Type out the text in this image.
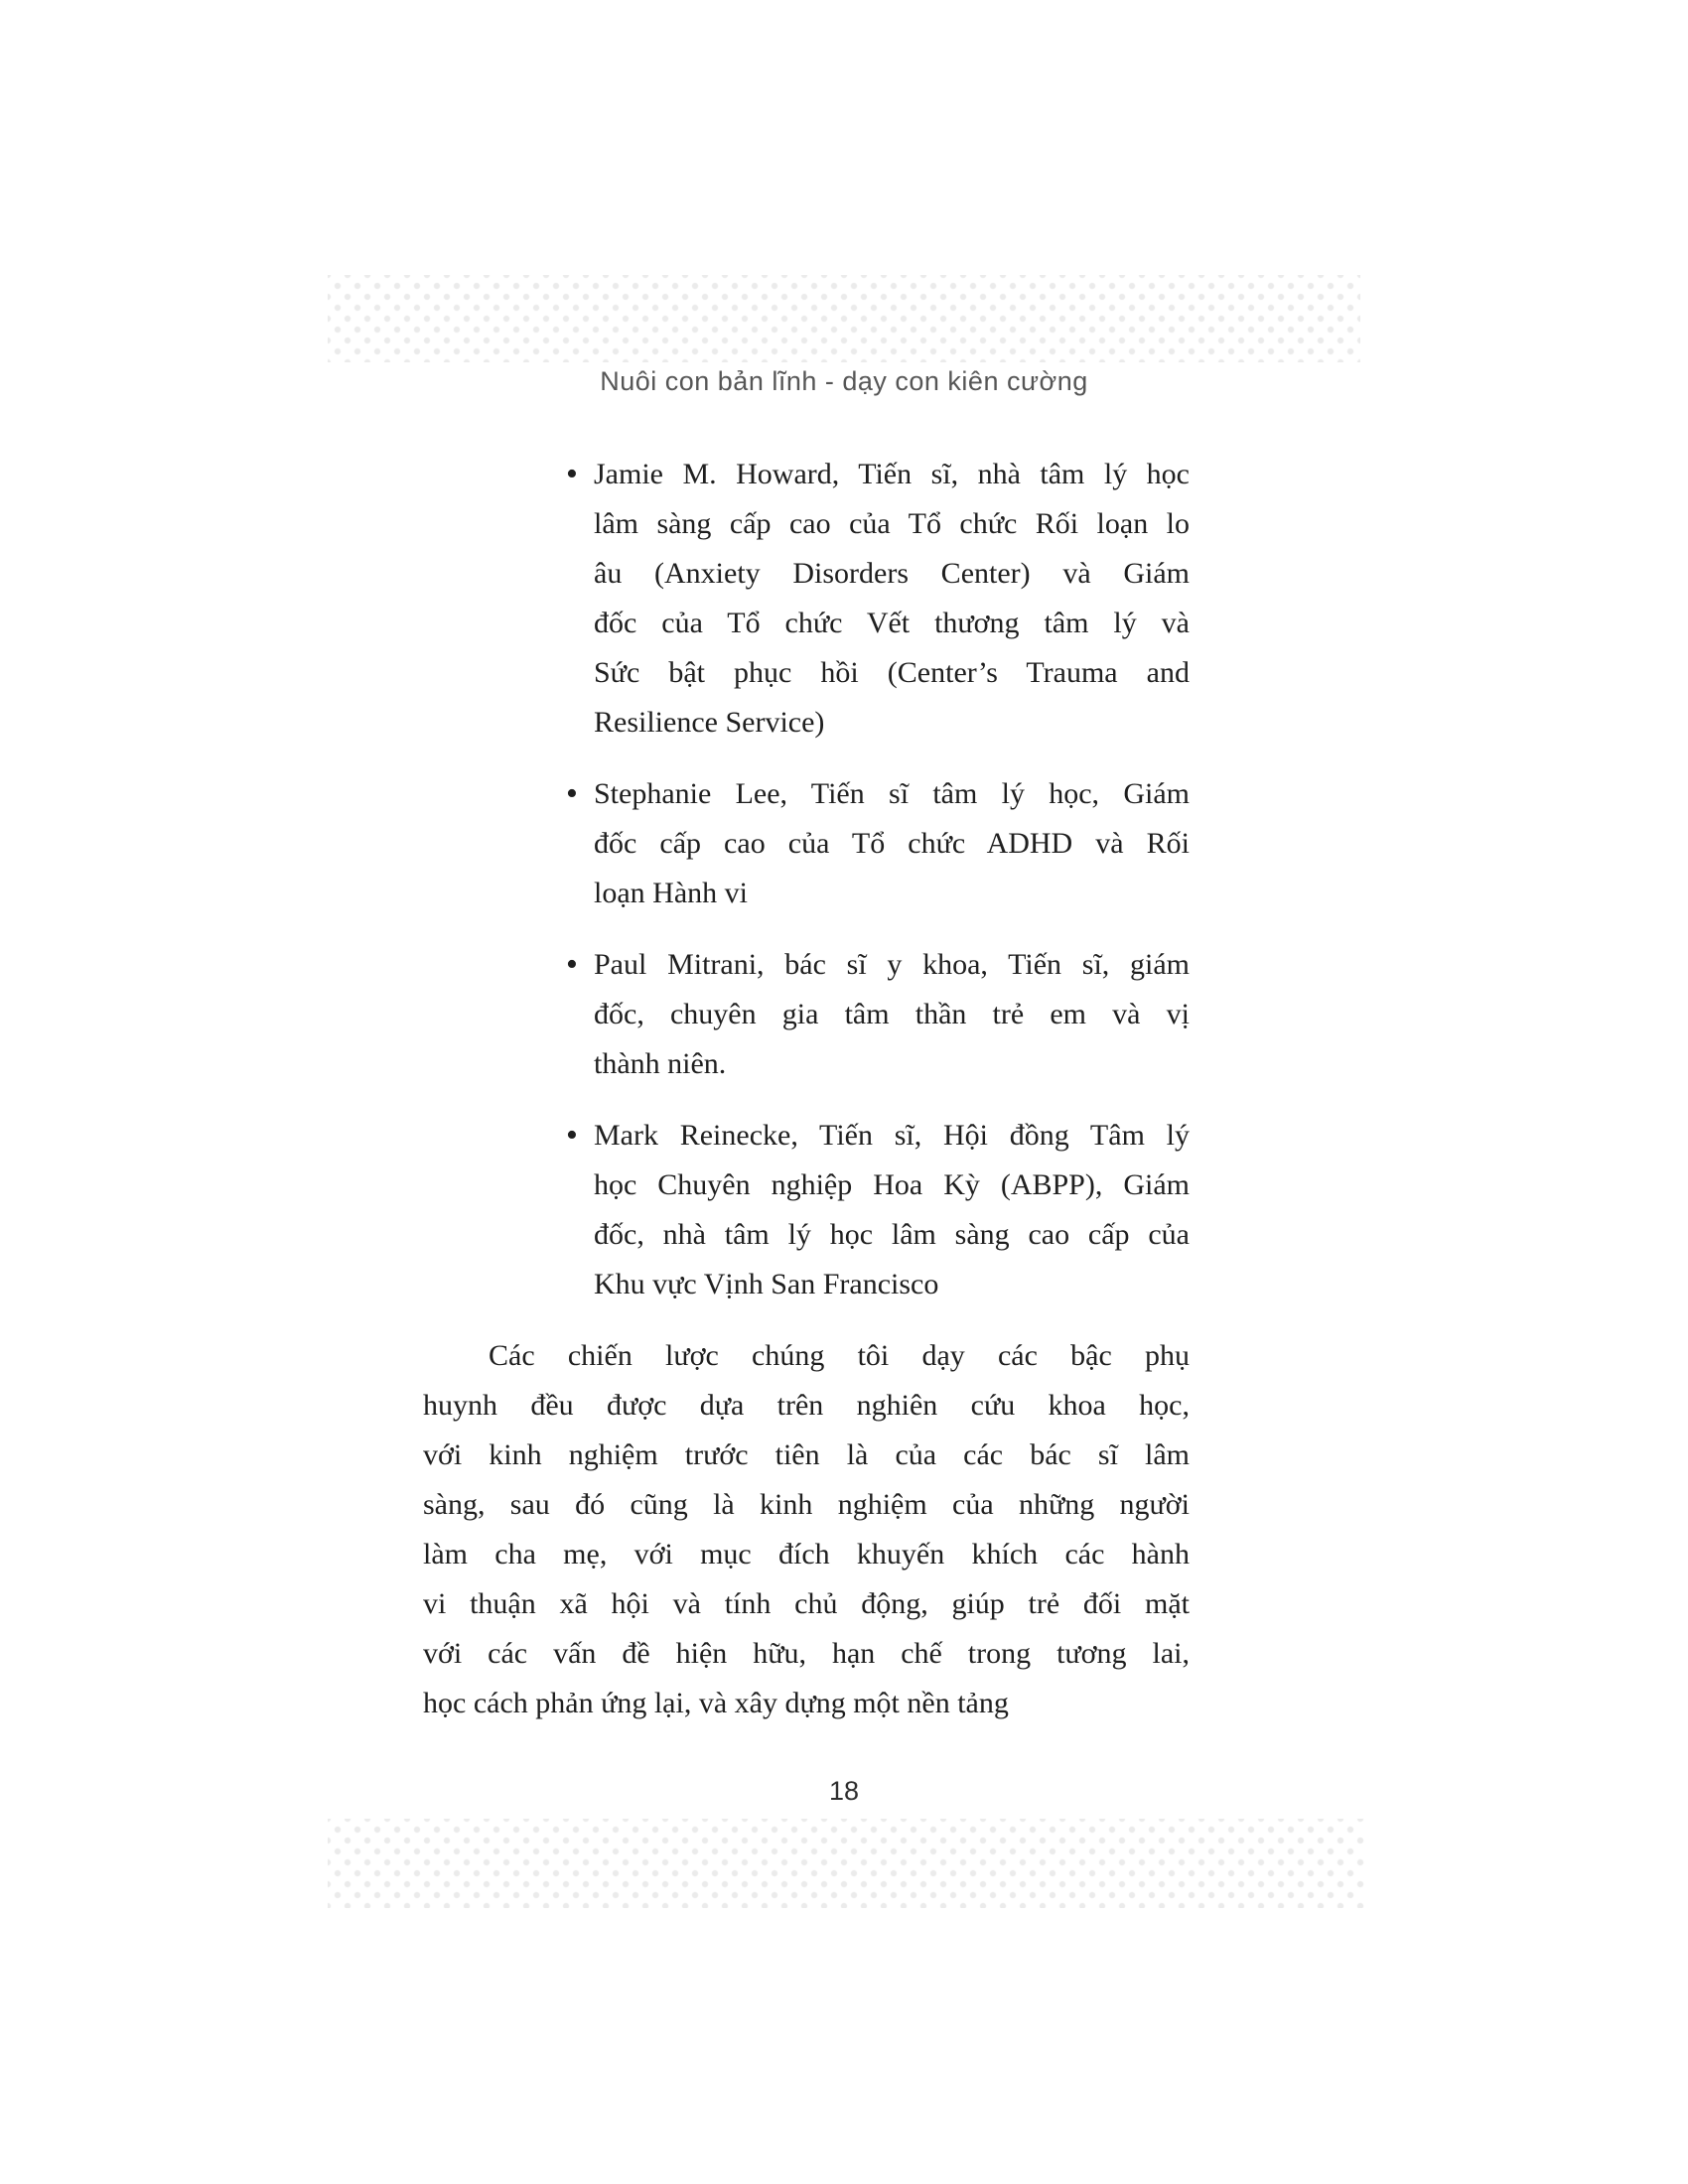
Nuôi con bản lĩnh - dạy con kiên cường
• Jamie M. Howard, Tiến sĩ, nhà tâm lý học
lâm sàng cấp cao của Tổ chức Rối loạn lo
âu (Anxiety Disorders Center) và Giám
đốc của Tổ chức Vết thương tâm lý và
Sức bật phục hồi (Center’s Trauma and
Resilience Service)
• Stephanie Lee, Tiến sĩ tâm lý học, Giám
đốc cấp cao của Tổ chức ADHD và Rối
loạn Hành vi
• Paul Mitrani, bác sĩ y khoa, Tiến sĩ, giám
đốc, chuyên gia tâm thần trẻ em và vị
thành niên.
• Mark Reinecke, Tiến sĩ, Hội đồng Tâm lý
học Chuyên nghiệp Hoa Kỳ (ABPP), Giám
đốc, nhà tâm lý học lâm sàng cao cấp của
Khu vực Vịnh San Francisco
Các chiến lược chúng tôi dạy các bậc phụ
huynh đều được dựa trên nghiên cứu khoa học,
với kinh nghiệm trước tiên là của các bác sĩ lâm
sàng, sau đó cũng là kinh nghiệm của những người
làm cha mẹ, với mục đích khuyến khích các hành
vi thuận xã hội và tính chủ động, giúp trẻ đối mặt
với các vấn đề hiện hữu, hạn chế trong tương lai,
học cách phản ứng lại, và xây dựng một nền tảng
18
